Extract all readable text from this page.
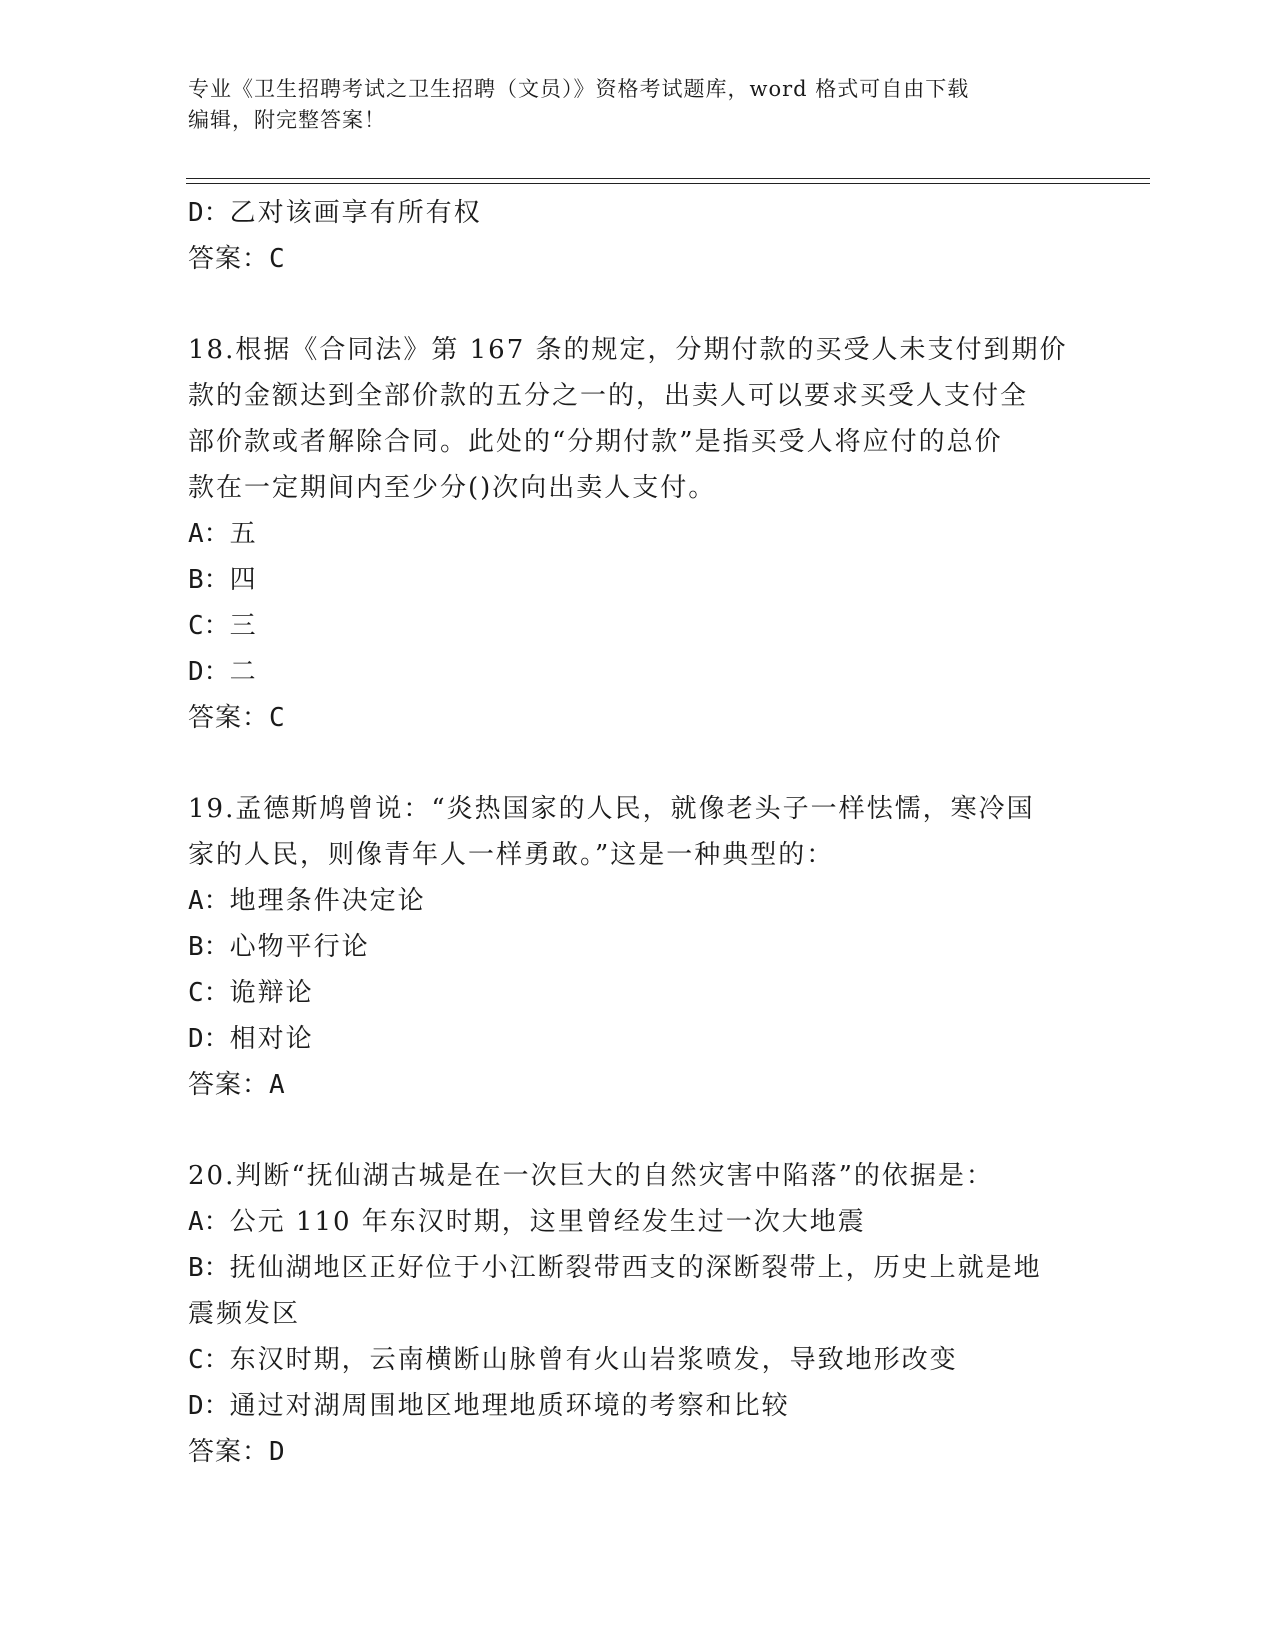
专业《卫生招聘考试之卫生招聘（文员）》资格考试题库，word 格式可自由下载
编辑，附完整答案！
D：乙对该画享有所有权
答案：C
18.根据《合同法》第 167 条的规定，分期付款的买受人未支付到期价
款的金额达到全部价款的五分之一的，出卖人可以要求买受人支付全
部价款或者解除合同。此处的“分期付款”是指买受人将应付的总价
款在一定期间内至少分()次向出卖人支付。
A：五
B：四
C：三
D：二
答案：C
19.孟德斯鸠曾说：“炎热国家的人民，就像老头子一样怯懦，寒冷国
家的人民，则像青年人一样勇敢。”这是一种典型的：
A：地理条件决定论
B：心物平行论
C：诡辩论
D：相对论
答案：A
20.判断“抚仙湖古城是在一次巨大的自然灾害中陷落”的依据是：
A：公元 110 年东汉时期，这里曾经发生过一次大地震
B：抚仙湖地区正好位于小江断裂带西支的深断裂带上，历史上就是地
震频发区
C：东汉时期，云南横断山脉曾有火山岩浆喷发，导致地形改变
D：通过对湖周围地区地理地质环境的考察和比较
答案：D
